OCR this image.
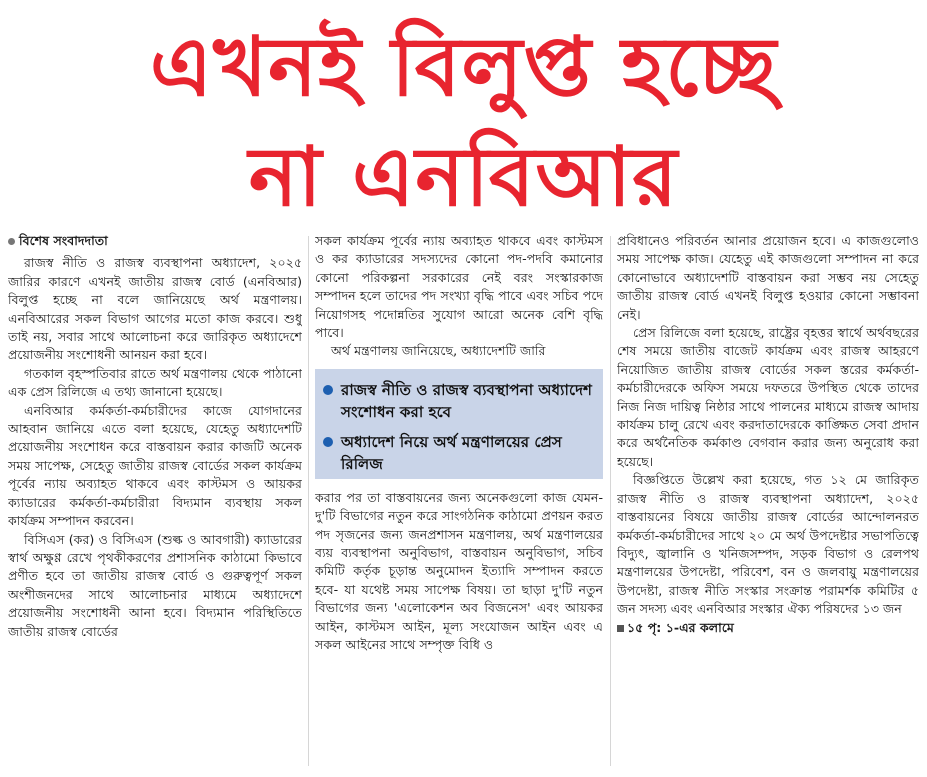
এখনই বিলুপ্ত হচ্ছে
না এনবিআর
বিশেষ সংবাদদাতা

রাজস্ব নীতি ও রাজস্ব ব্যবস্থাপনা অধ্যাদেশ, ২০২৫ জারির কারণে এখনই জাতীয় রাজস্ব বোর্ড (এনবিআর) বিলুপ্ত হচ্ছে না বলে জানিয়েছে অর্থ মন্ত্রণালয়। এনবিআরের সকল বিভাগ আগের মতো কাজ করবে। শুধু তাই নয়, সবার সাথে আলোচনা করে জারিকৃত অধ্যাদেশে প্রয়োজনীয় সংশোধনী আনয়ন করা হবে।

গতকাল বৃহস্পতিবার রাতে অর্থ মন্ত্রণালয় থেকে পাঠানো এক প্রেস রিলিজে এ তথ্য জানানো হয়েছে।

এনবিআর কর্মকর্তা-কর্মচারীদের কাজে যোগদানের আহবান জানিয়ে এতে বলা হয়েছে, যেহেতু অধ্যাদেশটি প্রয়োজনীয় সংশোধন করে বাস্তবায়ন করার কাজটি অনেক সময় সাপেক্ষ, সেহেতু জাতীয় রাজস্ব বোর্ডের সকল কার্যক্রম পূর্বের ন্যায় অব্যাহত থাকবে এবং কাস্টমস ও আয়কর ক্যাডারের কর্মকর্তা-কর্মচারীরা বিদ্যমান ব্যবস্থায় সকল কার্যক্রম সম্পাদন করবেন।

বিসিএস (কর) ও বিসিএস (শুল্ক ও আবগারী) ক্যাডারের স্বার্থ অক্ষুণ্ণ রেখে পৃথকীকরণের প্রশাসনিক কাঠামো কিভাবে প্রণীত হবে তা জাতীয় রাজস্ব বোর্ড ও গুরুত্বপূর্ণ সকল অংশীজনদের সাথে আলোচনার মাধ্যমে অধ্যাদেশে প্রয়োজনীয় সংশোধনী আনা হবে। বিদ্যমান পরিস্থিতিতে জাতীয় রাজস্ব বোর্ডের

সকল কার্যক্রম পূর্বের ন্যায় অব্যাহত থাকবে এবং কাস্টমস ও কর ক্যাডারের সদস্যদের কোনো পদ-পদবি কমানোর কোনো পরিকল্পনা সরকারের নেই বরং সংস্কারকাজ সম্পাদন হলে তাদের পদ সংখ্যা বৃদ্ধি পাবে এবং সচিব পদে নিয়োগসহ পদোন্নতির সুযোগ আরো অনেক বেশি বৃদ্ধি পাবে।

অর্থ মন্ত্রণালয় জানিয়েছে, অধ্যাদেশটি জারি

রাজস্ব নীতি ও রাজস্ব ব্যবস্থাপনা অধ্যাদেশ সংশোধন করা হবে
অধ্যাদেশ নিয়ে অর্থ মন্ত্রণালয়ের প্রেস রিলিজ

করার পর তা বাস্তবায়নের জন্য অনেকগুলো কাজ যেমন- দু'টি বিভাগের নতুন করে সাংগঠনিক কাঠামো প্রণয়ন করত পদ সৃজনের জন্য জনপ্রশাসন মন্ত্রণালয়, অর্থ মন্ত্রণালয়ের ব্যয় ব্যবস্থাপনা অনুবিভাগ, বাস্তবায়ন অনুবিভাগ, সচিব কমিটি কর্তৃক চূড়ান্ত অনুমোদন ইত্যাদি সম্পাদন করতে হবে- যা যথেষ্ট সময় সাপেক্ষ বিষয়। তা ছাড়া দু'টি নতুন বিভাগের জন্য 'এলোকেশন অব বিজনেস' এবং আয়কর আইন, কাস্টমস আইন, মূল্য সংযোজন আইন এবং এ সকল আইনের সাথে সম্পৃক্ত বিধি ও

প্রবিধানেও পরিবর্তন আনার প্রয়োজন হবে। এ কাজগুলোও সময় সাপেক্ষ কাজ। যেহেতু এই কাজগুলো সম্পাদন না করে কোনোভাবে অধ্যাদেশটি বাস্তবায়ন করা সম্ভব নয় সেহেতু জাতীয় রাজস্ব বোর্ড এখনই বিলুপ্ত হওয়ার কোনো সম্ভাবনা নেই।

প্রেস রিলিজে বলা হয়েছে, রাষ্ট্রের বৃহত্তর স্বার্থে অর্থবছরের শেষ সময়ে জাতীয় বাজেট কার্যক্রম এবং রাজস্ব আহরণে নিয়োজিত জাতীয় রাজস্ব বোর্ডের সকল স্তরের কর্মকর্তা-কর্মচারীদেরকে অফিস সময়ে দফতরে উপস্থিত থেকে তাদের নিজ নিজ দায়িত্ব নিষ্ঠার সাথে পালনের মাধ্যমে রাজস্ব আদায় কার্যক্রম চালু রেখে এবং করদাতাদেরকে কাঙ্ক্ষিত সেবা প্রদান করে অর্থনৈতিক কর্মকাণ্ড বেগবান করার জন্য অনুরোধ করা হয়েছে।

বিজ্ঞপ্তিতে উল্লেখ করা হয়েছে, গত ১২ মে জারিকৃত রাজস্ব নীতি ও রাজস্ব ব্যবস্থাপনা অধ্যাদেশ, ২০২৫ বাস্তবায়নের বিষয়ে জাতীয় রাজস্ব বোর্ডের আন্দোলনরত কর্মকর্তা-কর্মচারীদের সাথে ২০ মে অর্থ উপদেষ্টার সভাপতিত্বে বিদ্যুৎ, জ্বালানি ও খনিজসম্পদ, সড়ক বিভাগ ও রেলপথ মন্ত্রণালয়ের উপদেষ্টা, পরিবেশ, বন ও জলবায়ু মন্ত্রণালয়ের উপদেষ্টা, রাজস্ব নীতি সংস্কার সংক্রান্ত পরামর্শক কমিটির ৫ জন সদস্য এবং এনবিআর সংস্কার ঐক্য পরিষদের ১৩ জন

১৫ পৃ: ১-এর কলামে
